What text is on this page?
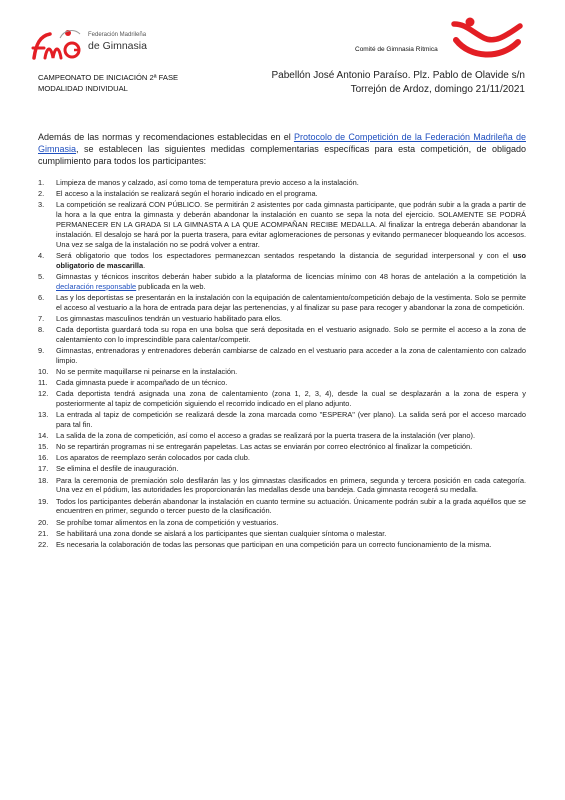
Federación Madrileña
de Gimnasia	Comité de Gimnasia Rítmica
CAMPEONATO DE INICIACIÓN 2ª FASE
MODALIDAD INDIVIDUAL
Pabellón José Antonio Paraíso. Plz. Pablo de Olavide s/n
Torrejón de Ardoz, domingo 21/11/2021

Además de las normas y recomendaciones establecidas en el Protocolo de Competición de la Federación Madrileña de Gimnasia, se establecen las siguientes medidas complementarias específicas para esta competición, de obligado cumplimiento para todos los participantes:

1. Limpieza de manos y calzado, así como toma de temperatura previo acceso a la instalación.
2. El acceso a la instalación se realizará según el horario indicado en el programa.
3. La competición se realizará CON PÚBLICO. Se permitirán 2 asistentes por cada gimnasta participante, que podrán subir a la grada a partir de la hora a la que entra la gimnasta y deberán abandonar la instalación en cuanto se sepa la nota del ejercicio. SOLAMENTE SE PODRÁ PERMANECER EN LA GRADA SI LA GIMNASTA A LA QUE ACOMPAÑAN RECIBE MEDALLA. Al finalizar la entrega deberán abandonar la instalación. El desalojo se hará por la puerta trasera, para evitar aglomeraciones de personas y evitando permanecer bloqueando los accesos. Una vez se salga de la instalación no se podrá volver a entrar.
4. Será obligatorio que todos los espectadores permanezcan sentados respetando la distancia de seguridad interpersonal y con el uso obligatorio de mascarilla.
5. Gimnastas y técnicos inscritos deberán haber subido a la plataforma de licencias mínimo con 48 horas de antelación a la competición la declaración responsable publicada en la web.
6. Las y los deportistas se presentarán en la instalación con la equipación de calentamiento/competición debajo de la vestimenta. Solo se permite el acceso al vestuario a la hora de entrada para dejar las pertenencias, y al finalizar su pase para recoger y abandonar la zona de competición.
7. Los gimnastas masculinos tendrán un vestuario habilitado para ellos.
8. Cada deportista guardará toda su ropa en una bolsa que será depositada en el vestuario asignado. Solo se permite el acceso a la zona de calentamiento con lo imprescindible para calentar/competir.
9. Gimnastas, entrenadoras y entrenadores deberán cambiarse de calzado en el vestuario para acceder a la zona de calentamiento con calzado limpio.
10. No se permite maquillarse ni peinarse en la instalación.
11. Cada gimnasta puede ir acompañado de un técnico.
12. Cada deportista tendrá asignada una zona de calentamiento (zona 1, 2, 3, 4), desde la cual se desplazarán a la zona de espera y posteriormente al tapiz de competición siguiendo el recorrido indicado en el plano adjunto.
13. La entrada al tapiz de competición se realizará desde la zona marcada como "ESPERA" (ver plano). La salida será por el acceso marcado para tal fin.
14. La salida de la zona de competición, así como el acceso a gradas se realizará por la puerta trasera de la instalación (ver plano).
15. No se repartirán programas ni se entregarán papeletas. Las actas se enviarán por correo electrónico al finalizar la competición.
16. Los aparatos de reemplazo serán colocados por cada club.
17. Se elimina el desfile de inauguración.
18. Para la ceremonia de premiación solo desfilarán las y los gimnastas clasificados en primera, segunda y tercera posición en cada categoría. Una vez en el pódium, las autoridades les proporcionarán las medallas desde una bandeja. Cada gimnasta recogerá su medalla.
19. Todos los participantes deberán abandonar la instalación en cuanto termine su actuación. Únicamente podrán subir a la grada aquéllos que se encuentren en primer, segundo o tercer puesto de la clasificación.
20. Se prohíbe tomar alimentos en la zona de competición y vestuarios.
21. Se habilitará una zona donde se aislará a los participantes que sientan cualquier síntoma o malestar.
22. Es necesaria la colaboración de todas las personas que participan en una competición para un correcto funcionamiento de la misma.
